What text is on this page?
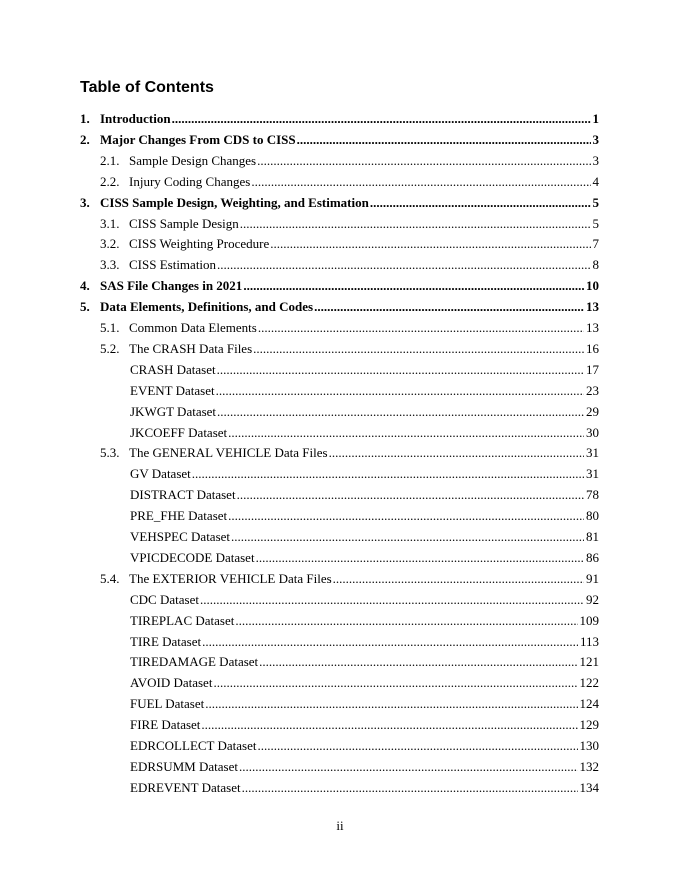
Table of Contents
1. Introduction .....	1
2. Major Changes From CDS to CISS .....	3
2.1. Sample Design Changes .....	3
2.2. Injury Coding Changes .....	4
3. CISS Sample Design, Weighting, and Estimation .....	5
3.1. CISS Sample Design .....	5
3.2. CISS Weighting Procedure .....	7
3.3. CISS Estimation .....	8
4. SAS File Changes in 2021 .....	10
5. Data Elements, Definitions, and Codes .....	13
5.1. Common Data Elements .....	13
5.2. The CRASH Data Files .....	16
CRASH Dataset .....	17
EVENT Dataset .....	23
JKWGT Dataset .....	29
JKCOEFF Dataset .....	30
5.3. The GENERAL VEHICLE Data Files .....	31
GV Dataset .....	31
DISTRACT Dataset .....	78
PRE_FHE Dataset .....	80
VEHSPEC Dataset .....	81
VPICDECODE Dataset .....	86
5.4. The EXTERIOR VEHICLE Data Files .....	91
CDC Dataset .....	92
TIREPLAC Dataset .....	109
TIRE Dataset .....	113
TIREDAMAGE Dataset .....	121
AVOID Dataset .....	122
FUEL Dataset .....	124
FIRE Dataset .....	129
EDRCOLLECT Dataset .....	130
EDRSUMM Dataset .....	132
EDREVENT Dataset .....	134
ii
